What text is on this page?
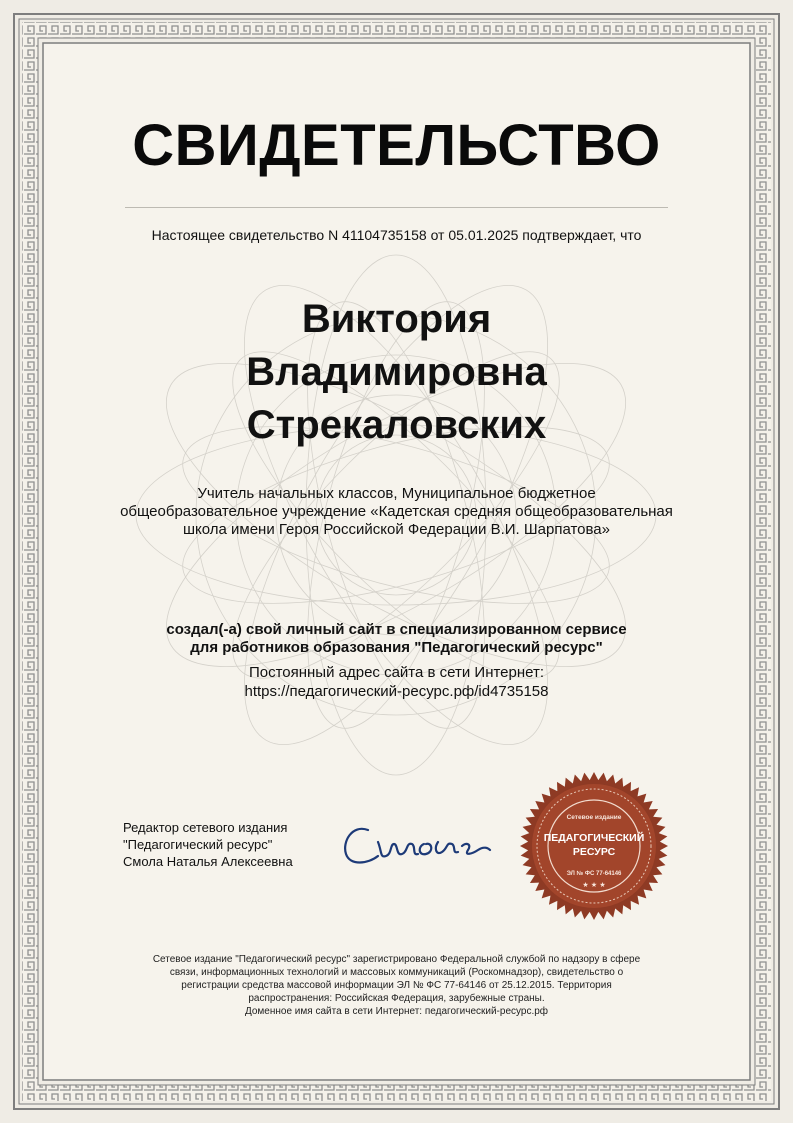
СВИДЕТЕЛЬСТВО
Настоящее свидетельство N 41104735158 от 05.01.2025 подтверждает, что
Виктория
Владимировна
Стрекаловских
Учитель начальных классов, Муниципальное бюджетное общеобразовательное учреждение «Кадетская средняя общеобразовательная школа имени Героя Российской Федерации В.И. Шарпатова»
создал(-а) свой личный сайт в специализированном сервисе
для работников образования "Педагогический ресурс"
Постоянный адрес сайта в сети Интернет:
https://педагогический-ресурс.рф/id4735158
Редактор сетевого издания
"Педагогический ресурс"
Смола Наталья Алексеевна
Сетевое издание
ПЕДАГОГИЧЕСКИЙ
РЕСУРС
ЭЛ № ФС 77-64146
★ ★ ★
Сетевое издание "Педагогический ресурс" зарегистрировано Федеральной службой по надзору в сфере
связи, информационных технологий и массовых коммуникаций (Роскомнадзор), свидетельство о
регистрации средства массовой информации ЭЛ № ФС 77-64146 от 25.12.2015. Территория
распространения: Российская Федерация, зарубежные страны.
Доменное имя сайта в сети Интернет: педагогический-ресурс.рф
